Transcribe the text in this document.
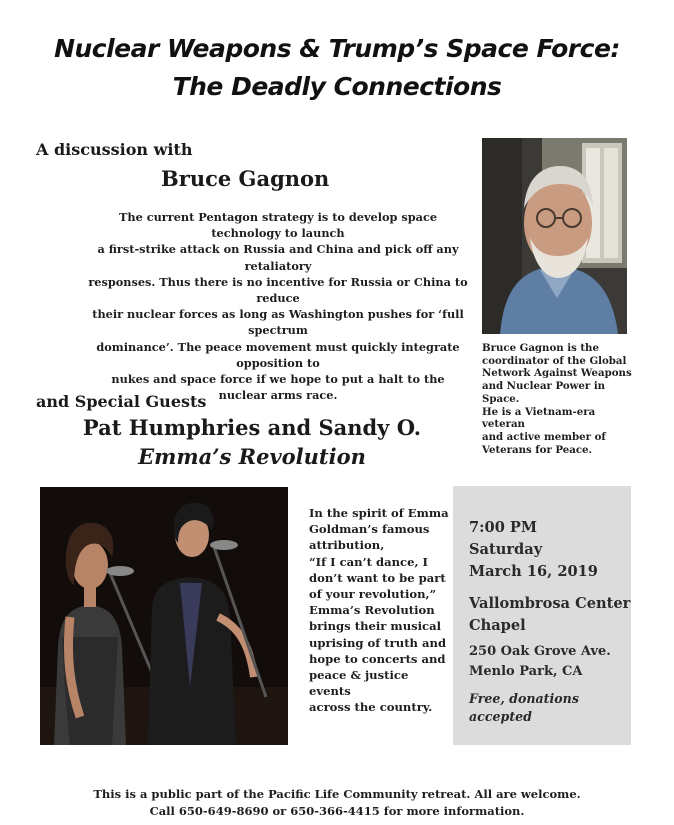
Nuclear Weapons & Trump’s Space Force:
The Deadly Connections
A discussion with
Bruce Gagnon
The current Pentagon strategy is to develop space technology to launch
a first-strike attack on Russia and China and pick off any retaliatory
responses. Thus there is no incentive for Russia or China to reduce
their nuclear forces as long as Washington pushes for ‘full spectrum
dominance’. The peace movement must quickly integrate opposition to
nukes and space force if we hope to put a halt to the nuclear arms race.
Bruce Gagnon is the
coordinator of the Global
Network Against Weapons
and Nuclear Power in Space.
He is a Vietnam-era veteran
and active member of
Veterans for Peace.
and Special Guests
Pat Humphries and Sandy O.
Emma’s Revolution
In the spirit of Emma
Goldman’s famous
attribution,
“If I can’t dance, I
don’t want to be part
of your revolution,”
Emma’s Revolution
brings their musical
uprising of truth and
hope to concerts and
peace & justice events
across the country.
7:00 PM
Saturday
March 16, 2019
Vallombrosa Center
Chapel
250 Oak Grove Ave.
Menlo Park, CA
Free, donations
accepted
This is a public part of the Pacific Life Community retreat. All are welcome.
Call 650-649-8690 or 650-366-4415 for more information.
